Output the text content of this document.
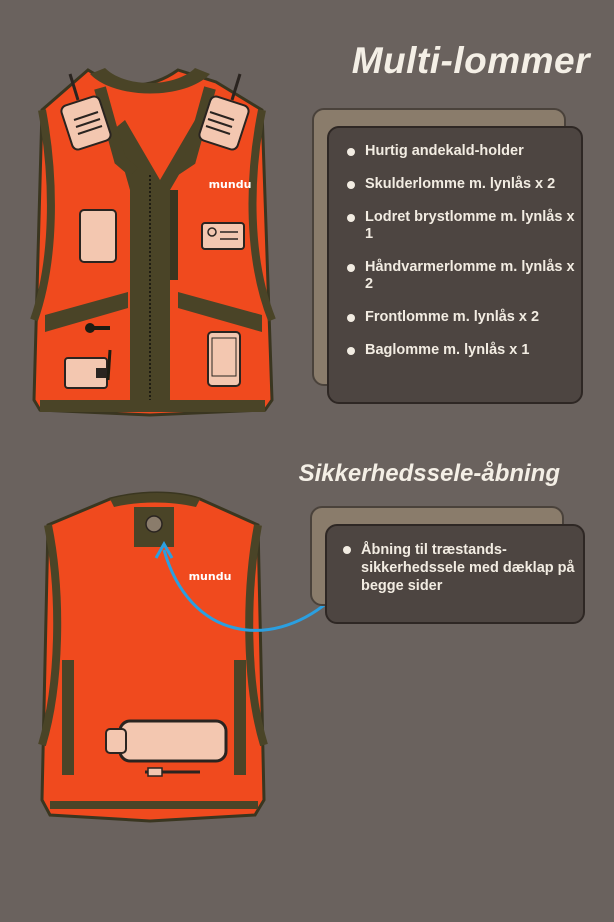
Multi-lommer
mundu
Hurtig andekald-holder
Skulderlomme m. lynlås x 2
Lodret brystlomme m. lynlås x 1
Håndvarmerlomme m. lynlås x 2
Frontlomme m. lynlås x 2
Baglomme m. lynlås x 1
Sikkerhedssele-åbning
mundu
Åbning til træstands-sikkerhedssele med dæklap på begge sider
